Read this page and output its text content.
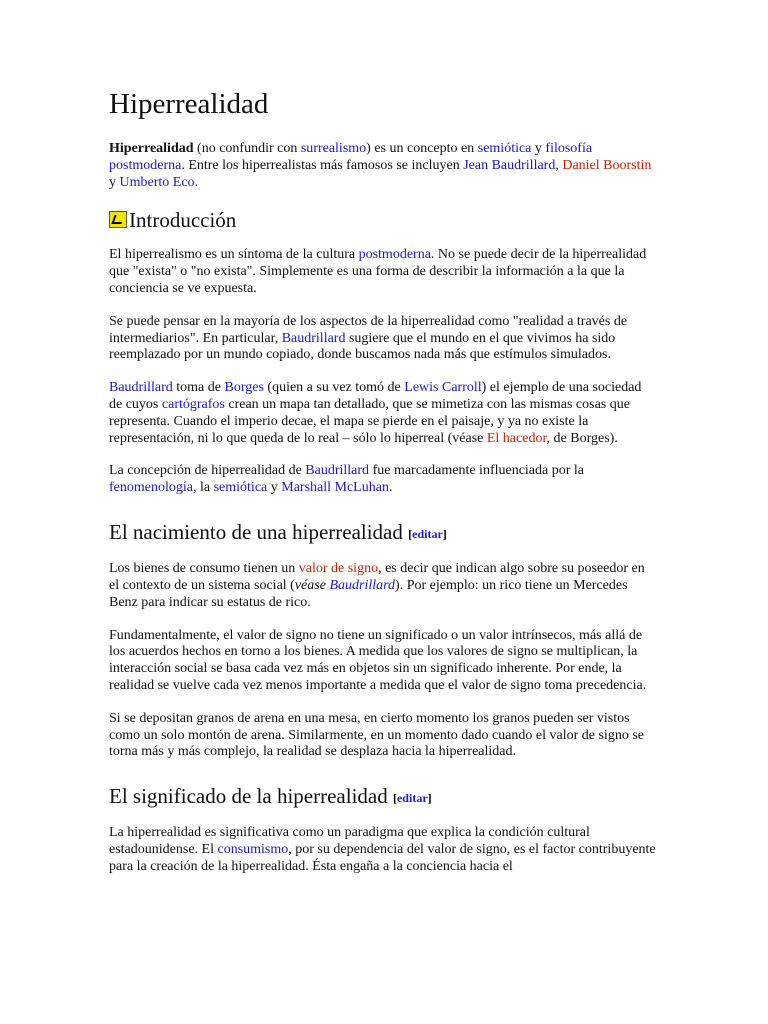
Hiperrealidad

Hiperrealidad (no confundir con surrealismo) es un concepto en semiótica y filosofía postmoderna. Entre los hiperrealistas más famosos se incluyen Jean Baudrillard, Daniel Boorstin y Umberto Eco.

Introducción

El hiperrealismo es un síntoma de la cultura postmoderna. No se puede decir de la hiperrealidad que "exista" o "no exista". Simplemente es una forma de describir la información a la que la conciencia se ve expuesta.

Se puede pensar en la mayoría de los aspectos de la hiperrealidad como "realidad a través de intermediarios". En particular, Baudrillard sugiere que el mundo en el que vivimos ha sido reemplazado por un mundo copiado, donde buscamos nada más que estímulos simulados.

Baudrillard toma de Borges (quien a su vez tomó de Lewis Carroll) el ejemplo de una sociedad de cuyos cartógrafos crean un mapa tan detallado, que se mimetiza con las mismas cosas que representa. Cuando el imperio decae, el mapa se pierde en el paisaje, y ya no existe la representación, ni lo que queda de lo real – sólo lo hiperreal (véase El hacedor, de Borges).

La concepción de hiperrealidad de Baudrillard fue marcadamente influenciada por la fenomenología, la semiótica y Marshall McLuhan.

El nacimiento de una hiperrealidad [editar]

Los bienes de consumo tienen un valor de signo, es decir que indican algo sobre su poseedor en el contexto de un sistema social (véase Baudrillard). Por ejemplo: un rico tiene un Mercedes Benz para indicar su estatus de rico.

Fundamentalmente, el valor de signo no tiene un significado o un valor intrínsecos, más allá de los acuerdos hechos en torno a los bienes. A medida que los valores de signo se multiplican, la interacción social se basa cada vez más en objetos sin un significado inherente. Por ende, la realidad se vuelve cada vez menos importante a medida que el valor de signo toma precedencia.

Si se depositan granos de arena en una mesa, en cierto momento los granos pueden ser vistos como un solo montón de arena. Similarmente, en un momento dado cuando el valor de signo se torna más y más complejo, la realidad se desplaza hacia la hiperrealidad.

El significado de la hiperrealidad [editar]

La hiperrealidad es significativa como un paradigma que explica la condición cultural estadounidense. El consumismo, por su dependencia del valor de signo, es el factor contribuyente para la creación de la hiperrealidad. Ésta engaña a la conciencia hacia el
